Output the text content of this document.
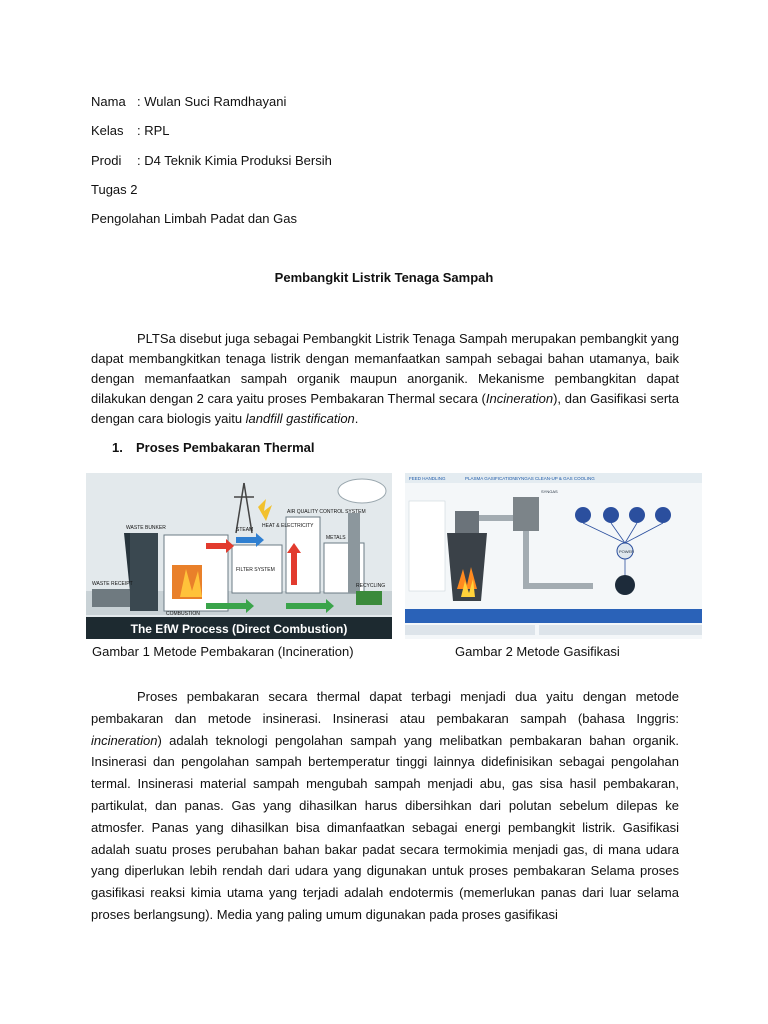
Nama : Wulan Suci Ramdhayani
Kelas : RPL
Prodi : D4 Teknik Kimia Produksi Bersih
Tugas 2
Pengolahan Limbah Padat dan Gas
Pembangkit Listrik Tenaga Sampah

PLTSa disebut juga sebagai Pembangkit Listrik Tenaga Sampah merupakan pembangkit yang dapat membangkitkan tenaga listrik dengan memanfaatkan sampah sebagai bahan utamanya, baik dengan memanfaatkan sampah organik maupun anorganik. Mekanisme pembangkitan dapat dilakukan dengan 2 cara yaitu proses Pembakaran Thermal secara (Incineration), dan Gasifikasi serta dengan cara biologis yaitu landfill gastification.

1. Proses Pembakaran Thermal
The EfW Process (Direct Combustion)
WASTE RECEIPT
WASTE BUNKER
COMBUSTION
STEAM
HEAT & ELECTRICITY
FILTER SYSTEM
AIR QUALITY CONTROL SYSTEM
RECYCLING
METALS
FEED HANDLING	PLASMA GASIFICATION SYNGAS CLEAN-UP & GAS COOLING
POWER
SYNGAS
Gambar 1 Metode Pembakaran (Incineration)	Gambar 2 Metode Gasifikasi

Proses pembakaran secara thermal dapat terbagi menjadi dua yaitu dengan metode pembakaran dan metode insinerasi. Insinerasi atau pembakaran sampah (bahasa Inggris: incineration) adalah teknologi pengolahan sampah yang melibatkan pembakaran bahan organik. Insinerasi dan pengolahan sampah bertemperatur tinggi lainnya didefinisikan sebagai pengolahan termal. Insinerasi material sampah mengubah sampah menjadi abu, gas sisa hasil pembakaran, partikulat, dan panas. Gas yang dihasilkan harus dibersihkan dari polutan sebelum dilepas ke atmosfer. Panas yang dihasilkan bisa dimanfaatkan sebagai energi pembangkit listrik. Gasifikasi adalah suatu proses perubahan bahan bakar padat secara termokimia menjadi gas, di mana udara yang diperlukan lebih rendah dari udara yang digunakan untuk proses pembakaran Selama proses gasifikasi reaksi kimia utama yang terjadi adalah endotermis (memerlukan panas dari luar selama proses berlangsung). Media yang paling umum digunakan pada proses gasifikasi
